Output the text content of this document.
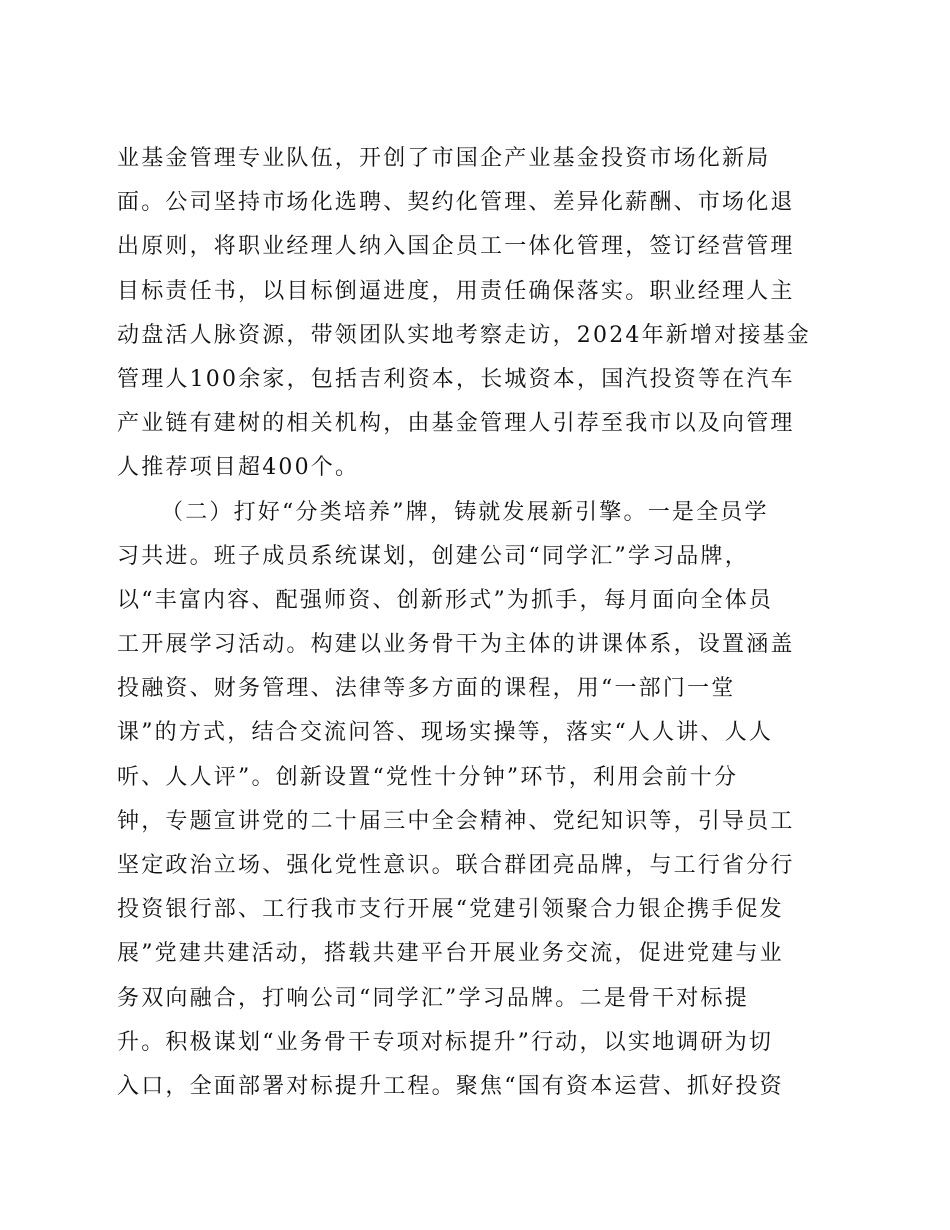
业基金管理专业队伍，开创了市国企产业基金投资市场化新局
面。公司坚持市场化选聘、契约化管理、差异化薪酬、市场化退
出原则，将职业经理人纳入国企员工一体化管理，签订经营管理
目标责任书，以目标倒逼进度，用责任确保落实。职业经理人主
动盘活人脉资源，带领团队实地考察走访，2024年新增对接基金
管理人100余家，包括吉利资本，长城资本，国汽投资等在汽车
产业链有建树的相关机构，由基金管理人引荐至我市以及向管理
人推荐项目超400个。
（二）打好“分类培养”牌，铸就发展新引擎。一是全员学
习共进。班子成员系统谋划，创建公司“同学汇”学习品牌，
以“丰富内容、配强师资、创新形式”为抓手，每月面向全体员
工开展学习活动。构建以业务骨干为主体的讲课体系，设置涵盖
投融资、财务管理、法律等多方面的课程，用“一部门一堂
课”的方式，结合交流问答、现场实操等，落实“人人讲、人人
听、人人评”。创新设置“党性十分钟”环节，利用会前十分
钟，专题宣讲党的二十届三中全会精神、党纪知识等，引导员工
坚定政治立场、强化党性意识。联合群团亮品牌，与工行省分行
投资银行部、工行我市支行开展“党建引领聚合力银企携手促发
展”党建共建活动，搭载共建平台开展业务交流，促进党建与业
务双向融合，打响公司“同学汇”学习品牌。二是骨干对标提
升。积极谋划“业务骨干专项对标提升”行动，以实地调研为切
入口，全面部署对标提升工程。聚焦“国有资本运营、抓好投资
